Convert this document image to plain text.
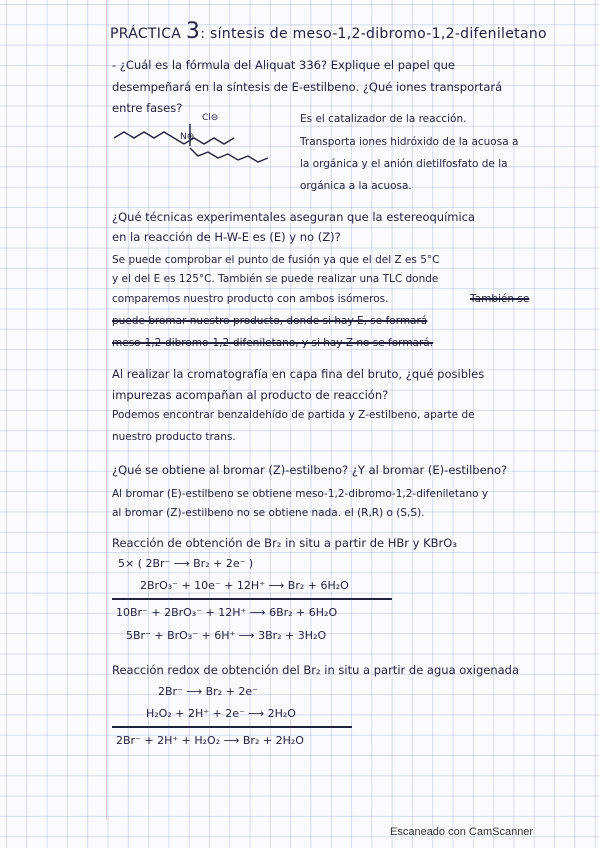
PRÁCTICA 3: síntesis de meso-1,2-dibromo-1,2-difeniletano
- ¿Cuál es la fórmula del Aliquat 336? Explique el papel que
desempeñará en la síntesis de E-estilbeno. ¿Qué iones transportará
entre fases?
N⊕
Cl⊖	Es el catalizador de la reacción.
Transporta iones hidróxido de la acuosa a
la orgánica y el anión dietilfosfato de la
orgánica a la acuosa.
¿Qué técnicas experimentales aseguran que la estereoquímica
en la reacción de H-W-E es (E) y no (Z)?
Se puede comprobar el punto de fusión ya que el del Z es 5°C
y el del E es 125°C. También se puede realizar una TLC donde
comparemos nuestro producto con ambos isómeros.	También se
puede bromar nuestro producto, donde si hay E, se formará
meso-1,2-dibromo-1,2-difeniletano, y si hay Z no se formará.
Al realizar la cromatografía en capa fina del bruto, ¿qué posibles
impurezas acompañan al producto de reacción?
Podemos encontrar benzaldehído de partida y Z-estilbeno, aparte de
nuestro producto trans.
¿Qué se obtiene al bromar (Z)-estilbeno? ¿Y al bromar (E)-estilbeno?
Al bromar (E)-estilbeno se obtiene meso-1,2-dibromo-1,2-difeniletano y
al bromar (Z)-estilbeno no se obtiene nada. el (R,R) o (S,S).
Reacción de obtención de Br₂ in situ a partir de HBr y KBrO₃
5× ( 2Br⁻ ⟶ Br₂ + 2e⁻ )
2BrO₃⁻ + 10e⁻ + 12H⁺ ⟶ Br₂ + 6H₂O
10Br⁻ + 2BrO₃⁻ + 12H⁺ ⟶ 6Br₂ + 6H₂O
5Br⁻ + BrO₃⁻ + 6H⁺ ⟶ 3Br₂ + 3H₂O
Reacción redox de obtención del Br₂ in situ a partir de agua oxigenada
2Br⁻ ⟶ Br₂ + 2e⁻
H₂O₂ + 2H⁺ + 2e⁻ ⟶ 2H₂O
2Br⁻ + 2H⁺ + H₂O₂ ⟶ Br₂ + 2H₂O
Escaneado con CamScanner
